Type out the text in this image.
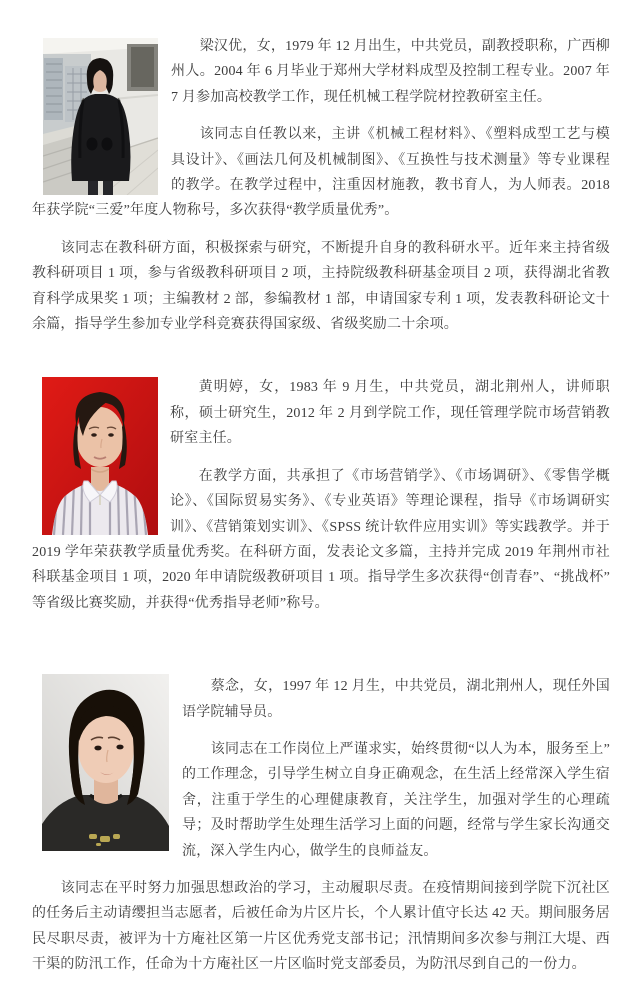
梁汉优，女，1979 年 12 月出生，中共党员，副教授职称，广西柳州人。2004 年 6 月毕业于郑州大学材料成型及控制工程专业。2007 年 7 月参加高校教学工作，现任机械工程学院材控教研室主任。

该同志自任教以来，主讲《机械工程材料》、《塑料成型工艺与模具设计》、《画法几何及机械制图》、《互换性与技术测量》等专业课程的教学。在教学过程中，注重因材施教，教书育人，为人师表。2018 年获学院“三爱”年度人物称号，多次获得“教学质量优秀”。

该同志在教科研方面，积极探索与研究，不断提升自身的教科研水平。近年来主持省级教科研项目 1 项，参与省级教科研项目 2 项，主持院级教科研基金项目 2 项，获得湖北省教育科学成果奖 1 项；主编教材 2 部，参编教材 1 部，申请国家专利 1 项，发表教科研论文十余篇，指导学生参加专业学科竞赛获得国家级、省级奖励二十余项。

黄明婷，女，1983 年 9 月生，中共党员，湖北荆州人，讲师职称，硕士研究生，2012 年 2 月到学院工作，现任管理学院市场营销教研室主任。

在教学方面，共承担了《市场营销学》、《市场调研》、《零售学概论》、《国际贸易实务》、《专业英语》等理论课程，指导《市场调研实训》、《营销策划实训》、《SPSS 统计软件应用实训》等实践教学。并于 2019 学年荣获教学质量优秀奖。在科研方面，发表论文多篇，主持并完成 2019 年荆州市社科联基金项目 1 项，2020 年申请院级教研项目 1 项。指导学生多次获得“创青春”、“挑战杯”等省级比赛奖励，并获得“优秀指导老师”称号。

蔡念，女，1997 年 12 月生，中共党员，湖北荆州人，现任外国语学院辅导员。

该同志在工作岗位上严谨求实，始终贯彻“以人为本，服务至上”的工作理念，引导学生树立自身正确观念，在生活上经常深入学生宿舍，注重于学生的心理健康教育，关注学生，加强对学生的心理疏导；及时帮助学生处理生活学习上面的问题，经常与学生家长沟通交流，深入学生内心，做学生的良师益友。

该同志在平时努力加强思想政治的学习，主动履职尽责。在疫情期间接到学院下沉社区的任务后主动请缨担当志愿者，后被任命为片区片长，个人累计值守长达 42 天。期间服务居民尽职尽责，被评为十方庵社区第一片区优秀党支部书记；汛情期间多次参与荆江大堤、西干渠的防汛工作，任命为十方庵社区一片区临时党支部委员，为防汛尽到自己的一份力。
